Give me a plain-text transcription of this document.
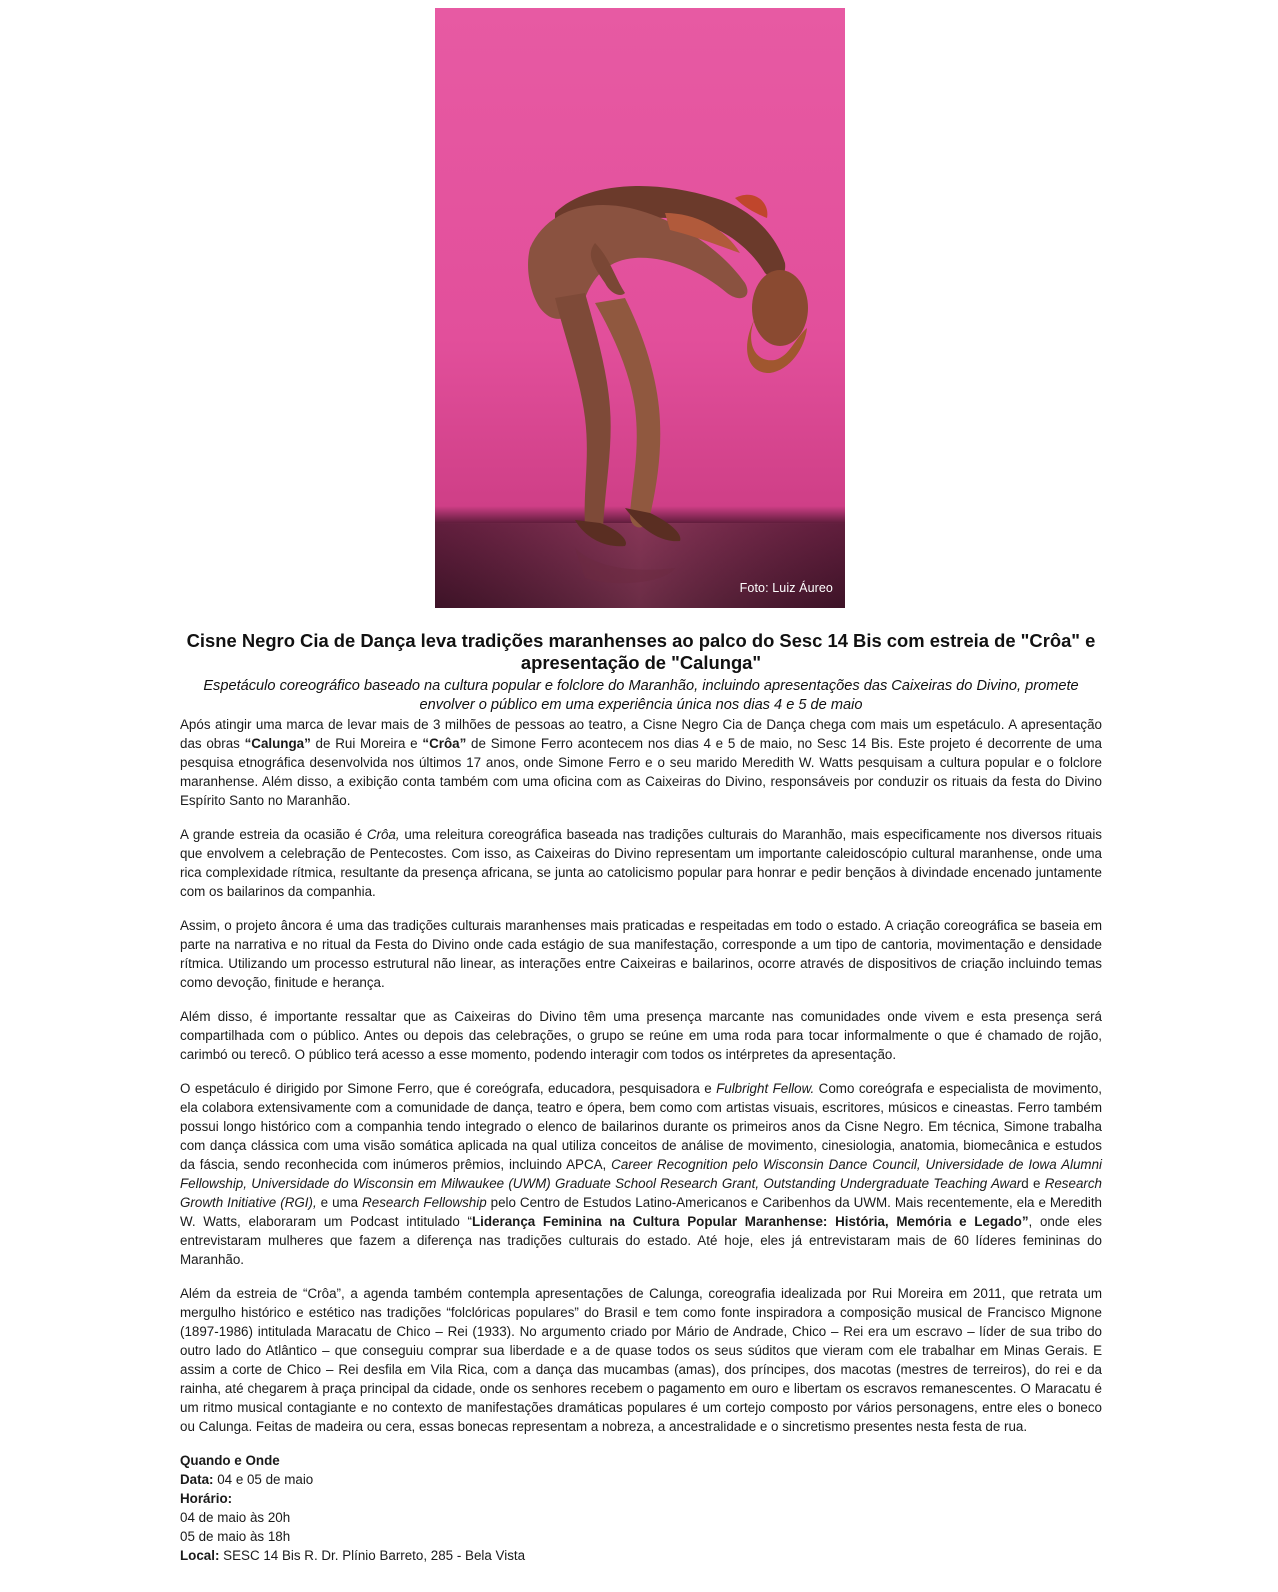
Foto: Luiz Áureo
Cisne Negro Cia de Dança leva tradições maranhenses ao palco do Sesc 14 Bis com estreia de "Crôa" e apresentação de "Calunga"

Espetáculo coreográfico baseado na cultura popular e folclore do Maranhão, incluindo apresentações das Caixeiras do Divino, promete envolver o público em uma experiência única nos dias 4 e 5 de maio

Após atingir uma marca de levar mais de 3 milhões de pessoas ao teatro, a Cisne Negro Cia de Dança chega com mais um espetáculo. A apresentação das obras “Calunga” de Rui Moreira e “Crôa” de Simone Ferro acontecem nos dias 4 e 5 de maio, no Sesc 14 Bis. Este projeto é decorrente de uma pesquisa etnográfica desenvolvida nos últimos 17 anos, onde Simone Ferro e o seu marido Meredith W. Watts pesquisam a cultura popular e o folclore maranhense. Além disso, a exibição conta também com uma oficina com as Caixeiras do Divino, responsáveis por conduzir os rituais da festa do Divino Espírito Santo no Maranhão.

A grande estreia da ocasião é Crôa, uma releitura coreográfica baseada nas tradições culturais do Maranhão, mais especificamente nos diversos rituais que envolvem a celebração de Pentecostes. Com isso, as Caixeiras do Divino representam um importante caleidoscópio cultural maranhense, onde uma rica complexidade rítmica, resultante da presença africana, se junta ao catolicismo popular para honrar e pedir bençãos à divindade encenado juntamente com os bailarinos da companhia.

Assim, o projeto âncora é uma das tradições culturais maranhenses mais praticadas e respeitadas em todo o estado. A criação coreográfica se baseia em parte na narrativa e no ritual da Festa do Divino onde cada estágio de sua manifestação, corresponde a um tipo de cantoria, movimentação e densidade rítmica. Utilizando um processo estrutural não linear, as interações entre Caixeiras e bailarinos, ocorre através de dispositivos de criação incluindo temas como devoção, finitude e herança.

Além disso, é importante ressaltar que as Caixeiras do Divino têm uma presença marcante nas comunidades onde vivem e esta presença será compartilhada com o público. Antes ou depois das celebrações, o grupo se reúne em uma roda para tocar informalmente o que é chamado de rojão, carimbó ou terecô. O público terá acesso a esse momento, podendo interagir com todos os intérpretes da apresentação.

O espetáculo é dirigido por Simone Ferro, que é coreógrafa, educadora, pesquisadora e Fulbright Fellow. Como coreógrafa e especialista de movimento, ela colabora extensivamente com a comunidade de dança, teatro e ópera, bem como com artistas visuais, escritores, músicos e cineastas. Ferro também possui longo histórico com a companhia tendo integrado o elenco de bailarinos durante os primeiros anos da Cisne Negro. Em técnica, Simone trabalha com dança clássica com uma visão somática aplicada na qual utiliza conceitos de análise de movimento, cinesiologia, anatomia, biomecânica e estudos da fáscia, sendo reconhecida com inúmeros prêmios, incluindo APCA, Career Recognition pelo Wisconsin Dance Council, Universidade de Iowa Alumni Fellowship, Universidade do Wisconsin em Milwaukee (UWM) Graduate School Research Grant, Outstanding Undergraduate Teaching Award e Research Growth Initiative (RGI), e uma Research Fellowship pelo Centro de Estudos Latino-Americanos e Caribenhos da UWM. Mais recentemente, ela e Meredith W. Watts, elaboraram um Podcast intitulado “Liderança Feminina na Cultura Popular Maranhense: História, Memória e Legado”, onde eles entrevistaram mulheres que fazem a diferença nas tradições culturais do estado. Até hoje, eles já entrevistaram mais de 60 líderes femininas do Maranhão.

Além da estreia de “Crôa”, a agenda também contempla apresentações de Calunga, coreografia idealizada por Rui Moreira em 2011, que retrata um mergulho histórico e estético nas tradições “folclóricas populares” do Brasil e tem como fonte inspiradora a composição musical de Francisco Mignone (1897-1986) intitulada Maracatu de Chico – Rei (1933). No argumento criado por Mário de Andrade, Chico – Rei era um escravo – líder de sua tribo do outro lado do Atlântico – que conseguiu comprar sua liberdade e a de quase todos os seus súditos que vieram com ele trabalhar em Minas Gerais. E assim a corte de Chico – Rei desfila em Vila Rica, com a dança das mucambas (amas), dos príncipes, dos macotas (mestres de terreiros), do rei e da rainha, até chegarem à praça principal da cidade, onde os senhores recebem o pagamento em ouro e libertam os escravos remanescentes. O Maracatu é um ritmo musical contagiante e no contexto de manifestações dramáticas populares é um cortejo composto por vários personagens, entre eles o boneco ou Calunga. Feitas de madeira ou cera, essas bonecas representam a nobreza, a ancestralidade e o sincretismo presentes nesta festa de rua.

Quando e Onde
Data: 04 e 05 de maio
Horário:
04 de maio às 20h
05 de maio às 18h
Local: SESC 14 Bis R. Dr. Plínio Barreto, 285 - Bela Vista
